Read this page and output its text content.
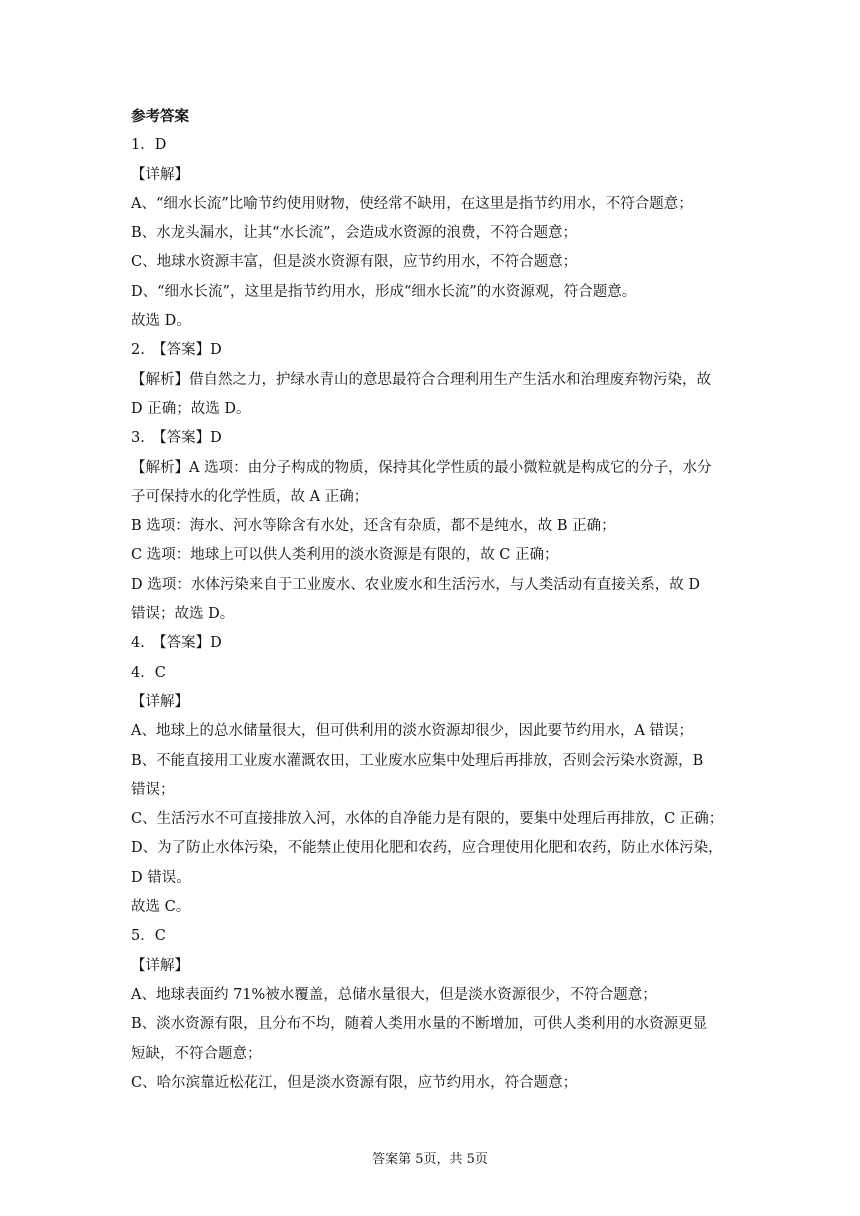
参考答案
1．D
【详解】
A、“细水长流”比喻节约使用财物，使经常不缺用，在这里是指节约用水，不符合题意；
B、水龙头漏水，让其“水长流”，会造成水资源的浪费，不符合题意；
C、地球水资源丰富，但是淡水资源有限，应节约用水，不符合题意；
D、“细水长流”，这里是指节约用水，形成“细水长流”的水资源观，符合题意。
故选 D。
2.　【答案】D
【解析】借自然之力，护绿水青山的意思最符合合理利用生产生活水和治理废弃物污染，故
D 正确；故选 D。
3.　【答案】D
【解析】A 选项：由分子构成的物质，保持其化学性质的最小微粒就是构成它的分子，水分
子可保持水的化学性质，故 A 正确；
B 选项：海水、河水等除含有水处，还含有杂质，都不是纯水，故 B 正确；
C 选项：地球上可以供人类利用的淡水资源是有限的，故 C 正确；
D 选项：水体污染来自于工业废水、农业废水和生活污水，与人类活动有直接关系，故 D
错误；故选 D。
4.　【答案】D
4．C
【详解】
A、地球上的总水储量很大，但可供利用的淡水资源却很少，因此要节约用水，A 错误；
B、不能直接用工业废水灌溉农田，工业废水应集中处理后再排放，否则会污染水资源，B
错误；
C、生活污水不可直接排放入河，水体的自净能力是有限的，要集中处理后再排放，C 正确；
D、为了防止水体污染，不能禁止使用化肥和农药，应合理使用化肥和农药，防止水体污染，
D 错误。
故选 C。
5．C
【详解】
A、地球表面约 71%被水覆盖，总储水量很大，但是淡水资源很少，不符合题意；
B、淡水资源有限，且分布不均，随着人类用水量的不断增加，可供人类利用的水资源更显
短缺，不符合题意；
C、哈尔滨靠近松花江，但是淡水资源有限，应节约用水，符合题意；
答案第 5页，共 5页
